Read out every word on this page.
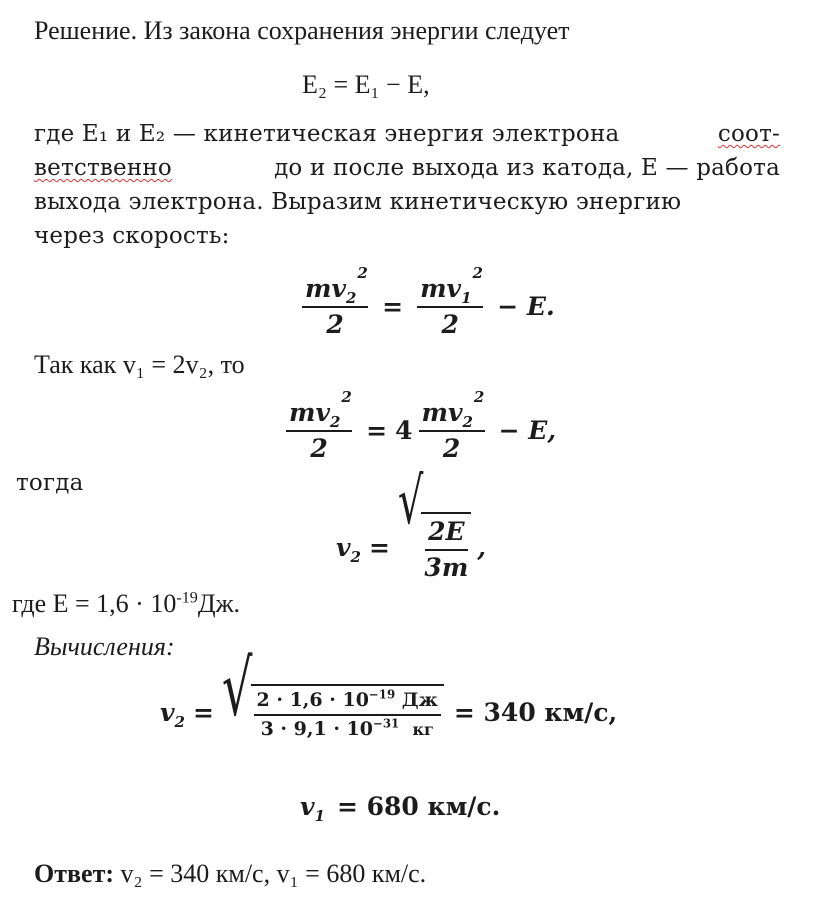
Решение. Из закона сохранения энергии следует
E₂ = E₁ − E,
где E₁ и E₂ — кинетическая энергия электрона	соот-
ветственно	до и после выхода из катода, E — работа
выхода электрона. Выразим кинетическую энергию
через скорость:
$mv_2$
2

$2 = mv_1$
2

2 − E.
Так как v₁ = 2v₂, то
$mv_2$
2

2 = 4 $mv_2$
2

2 − E,
тогда
v $_2$ =
√
$\frac{2E}{3m}$ ,
где $E = 1,6 \cdot 10^{-19}Дж$.
Вычисления:
v $_2$ = √ $\frac{2 \cdot 1,6 \cdot 10^{-19} Дж}{3 \cdot 9,1 \cdot 10^{-31} кг} = 340$ км/с,
v $_1$ = 680 км/с.
Ответ: v₂ = 340 км/с, v₁ = 680 км/с.
